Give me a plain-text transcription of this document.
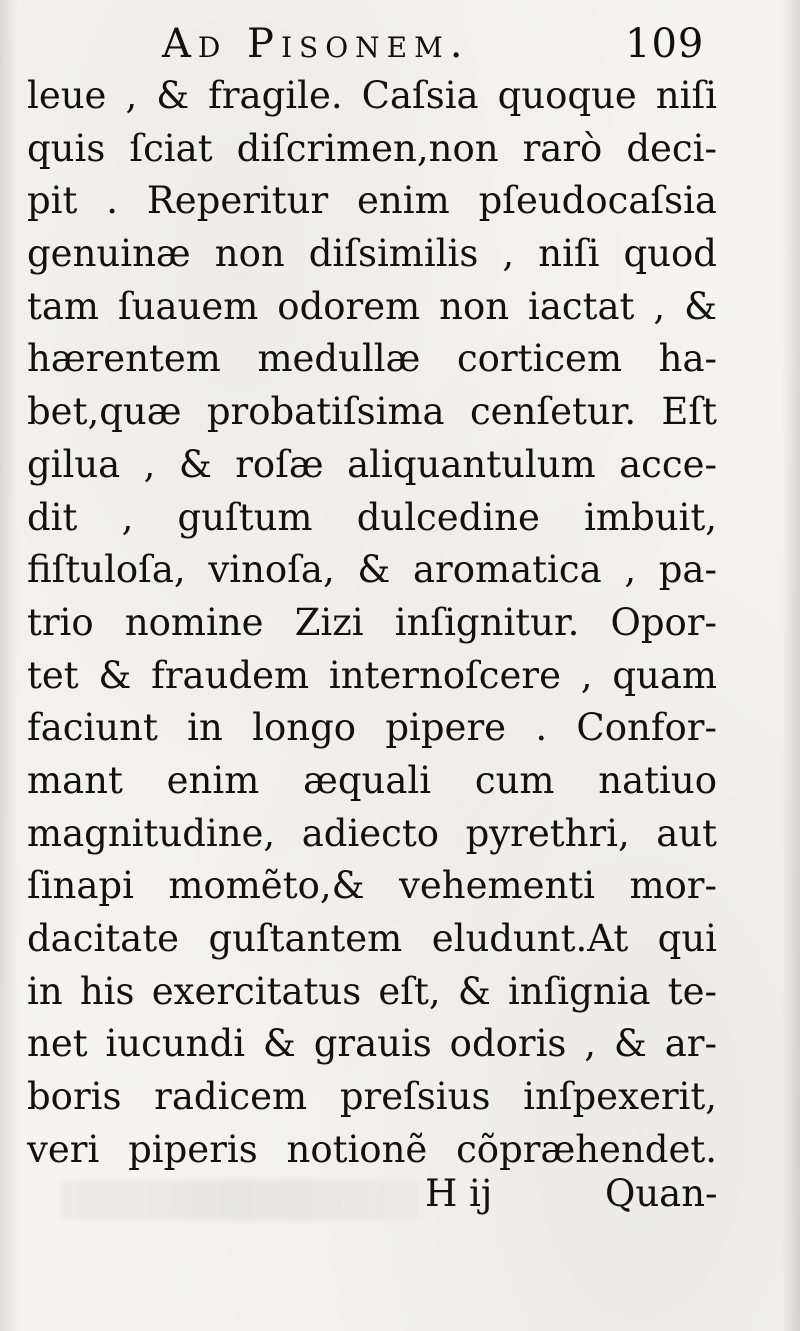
Ad Pisonem.	109
leue , & fragile. Caſsia quoque niſi
quis ſciat diſcrimen,non rarò deci-
pit . Reperitur enim pſeudocaſsia
genuinæ non diſsimilis , niſi quod
tam ſuauem odorem non iactat , &
hærentem medullæ corticem ha-
bet,quæ probatiſsima cenſetur. Eſt
gilua , & roſæ aliquantulum acce-
dit , guſtum dulcedine imbuit,
fiſtuloſa, vinoſa, & aromatica , pa-
trio nomine Zizi inſignitur. Opor-
tet & fraudem internoſcere , quam
faciunt in longo pipere . Confor-
mant enim æquali cum natiuo
magnitudine, adiecto pyrethri, aut
ſinapi momẽto,& vehementi mor-
dacitate guſtantem eludunt.At qui
in his exercitatus eſt, & inſignia te-
net iucundi & grauis odoris , & ar-
boris radicem preſsius inſpexerit,
veri piperis notionẽ cõpræhendet.
H ij	Quan-
